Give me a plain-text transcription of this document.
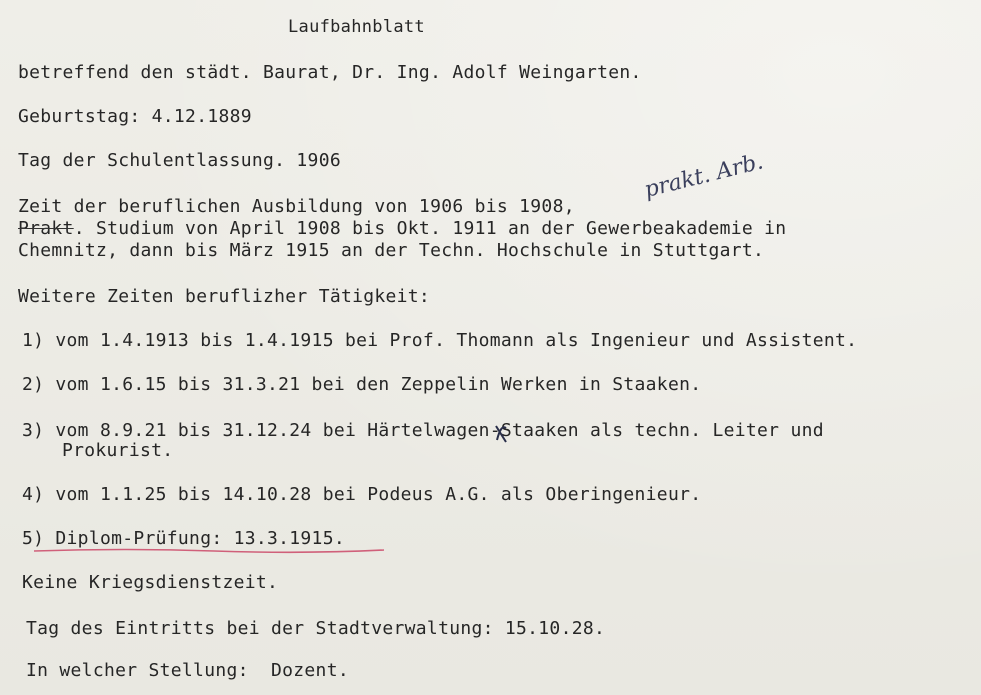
Laufbahnblatt
betreffend den städt. Baurat, Dr. Ing. Adolf Weingarten.
Geburtstag: 4.12.1889
Tag der Schulentlassung. 1906
Zeit der beruflichen Ausbildung von 1906 bis 1908,
prakt. Arb.
Prakt. Studium von April 1908 bis Okt. 1911 an der Gewerbeakademie in
Chemnitz, dann bis März 1915 an der Techn. Hochschule in Stuttgart.
Weitere Zeiten beruflizher Tätigkeit:
1) vom 1.4.1913 bis 1.4.1915 bei Prof. Thomann als Ingenieur und Assistent.
2) vom 1.6.15 bis 31.3.21 bei den Zeppelin Werken in Staaken.
3) vom 8.9.21 bis 31.12.24 bei Härtelwagen-Staaken als techn. Leiter und
Prokurist.
4) vom 1.1.25 bis 14.10.28 bei Podeus A.G. als Oberingenieur.
5) Diplom-Prüfung: 13.3.1915.
Keine Kriegsdienstzeit.
Tag des Eintritts bei der Stadtverwaltung: 15.10.28.
In welcher Stellung:  Dozent.
